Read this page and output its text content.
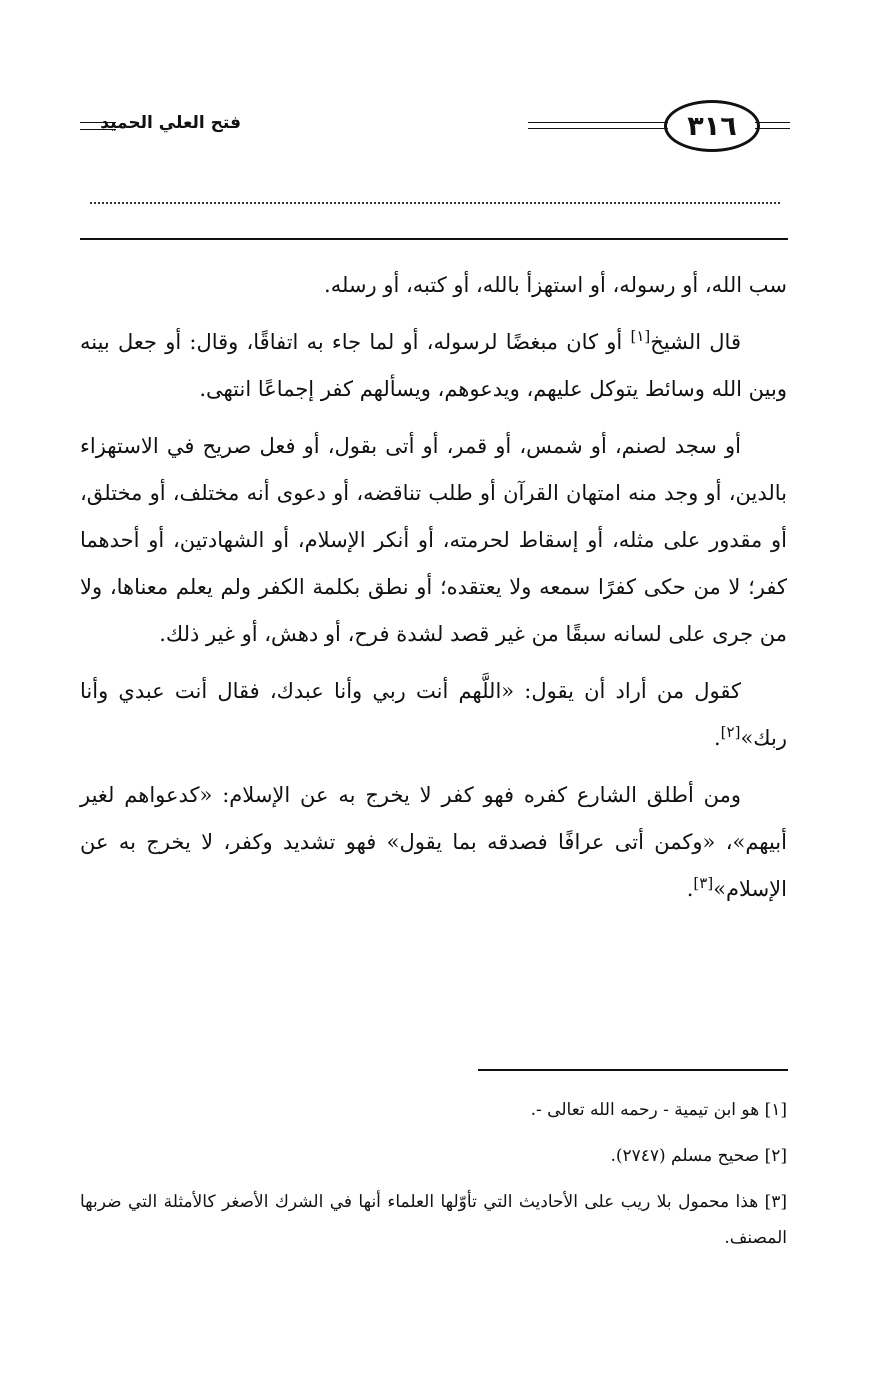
فتح العلي الحميد	٣١٦

سب الله، أو رسوله، أو استهزأ بالله، أو كتبه، أو رسله.

قال الشيخ[١] أو كان مبغضًا لرسوله، أو لما جاء به اتفاقًا، وقال: أو جعل بينه وبين الله وسائط يتوكل عليهم، ويدعوهم، ويسألهم كفر إجماعًا انتهى.

أو سجد لصنم، أو شمس، أو قمر، أو أتى بقول، أو فعل صريح في الاستهزاء بالدين، أو وجد منه امتهان القرآن أو طلب تناقضه، أو دعوى أنه مختلف، أو مختلق، أو مقدور على مثله، أو إسقاط لحرمته، أو أنكر الإسلام، أو الشهادتين، أو أحدهما كفر؛ لا من حكى كفرًا سمعه ولا يعتقده؛ أو نطق بكلمة الكفر ولم يعلم معناها، ولا من جرى على لسانه سبقًا من غير قصد لشدة فرح، أو دهش، أو غير ذلك.

كقول من أراد أن يقول: «اللَّهم أنت ربي وأنا عبدك، فقال أنت عبدي وأنا ربك»[٢].

ومن أطلق الشارع كفره فهو كفر لا يخرج به عن الإسلام: «كدعواهم لغير أبيهم»، «وكمن أتى عرافًا فصدقه بما يقول» فهو تشديد وكفر، لا يخرج به عن الإسلام»[٣].

[١] هو ابن تيمية - رحمه الله تعالى -.

[٢] صحيح مسلم (٢٧٤٧).

[٣] هذا محمول بلا ريب على الأحاديث التي تأوّلها العلماء أنها في الشرك الأصغر كالأمثلة التي ضربها المصنف.
